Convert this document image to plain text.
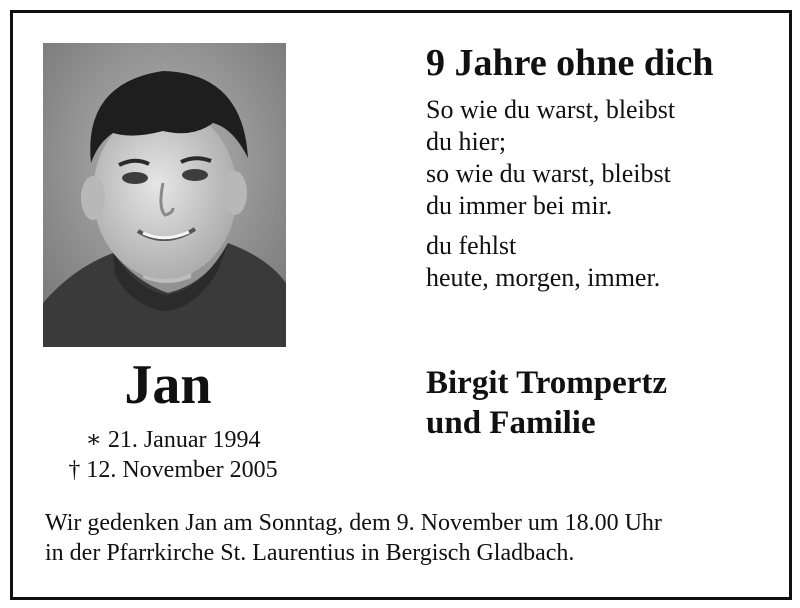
Jan
∗ 21. Januar 1994
† 12. November 2005
9 Jahre ohne dich
So wie du warst, bleibst
du hier;
so wie du warst, bleibst
du immer bei mir.
du fehlst
heute, morgen, immer.
Birgit Trompertz
und Familie
Wir gedenken Jan am Sonntag, dem 9. November um 18.00 Uhr
in der Pfarrkirche St. Laurentius in Bergisch Gladbach.
